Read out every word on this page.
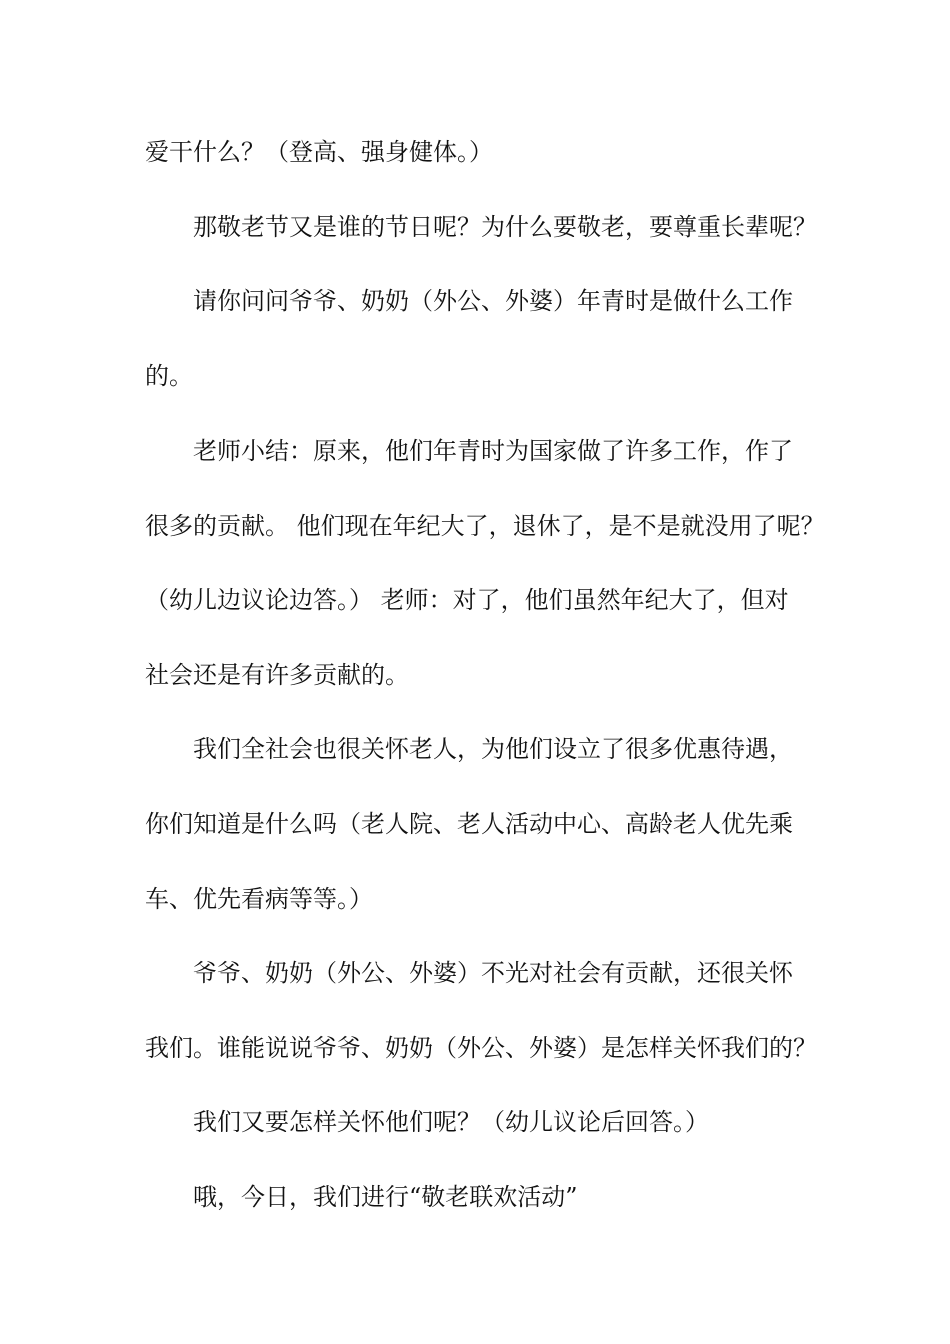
爱干什么？（登高、强身健体。）
那敬老节又是谁的节日呢？为什么要敬老，要尊重长辈呢？
请你问问爷爷、奶奶（外公、外婆）年青时是做什么工作
的。
老师小结：原来，他们年青时为国家做了许多工作，作了
很多的贡献。 他们现在年纪大了，退休了，是不是就没用了呢？
（幼儿边议论边答。） 老师：对了，他们虽然年纪大了，但对
社会还是有许多贡献的。
我们全社会也很关怀老人，为他们设立了很多优惠待遇，
你们知道是什么吗（老人院、老人活动中心、高龄老人优先乘
车、优先看病等等。）
爷爷、奶奶（外公、外婆）不光对社会有贡献，还很关怀
我们。谁能说说爷爷、奶奶（外公、外婆）是怎样关怀我们的？
我们又要怎样关怀他们呢？（幼儿议论后回答。）
哦，今日，我们进行“敬老联欢活动”
